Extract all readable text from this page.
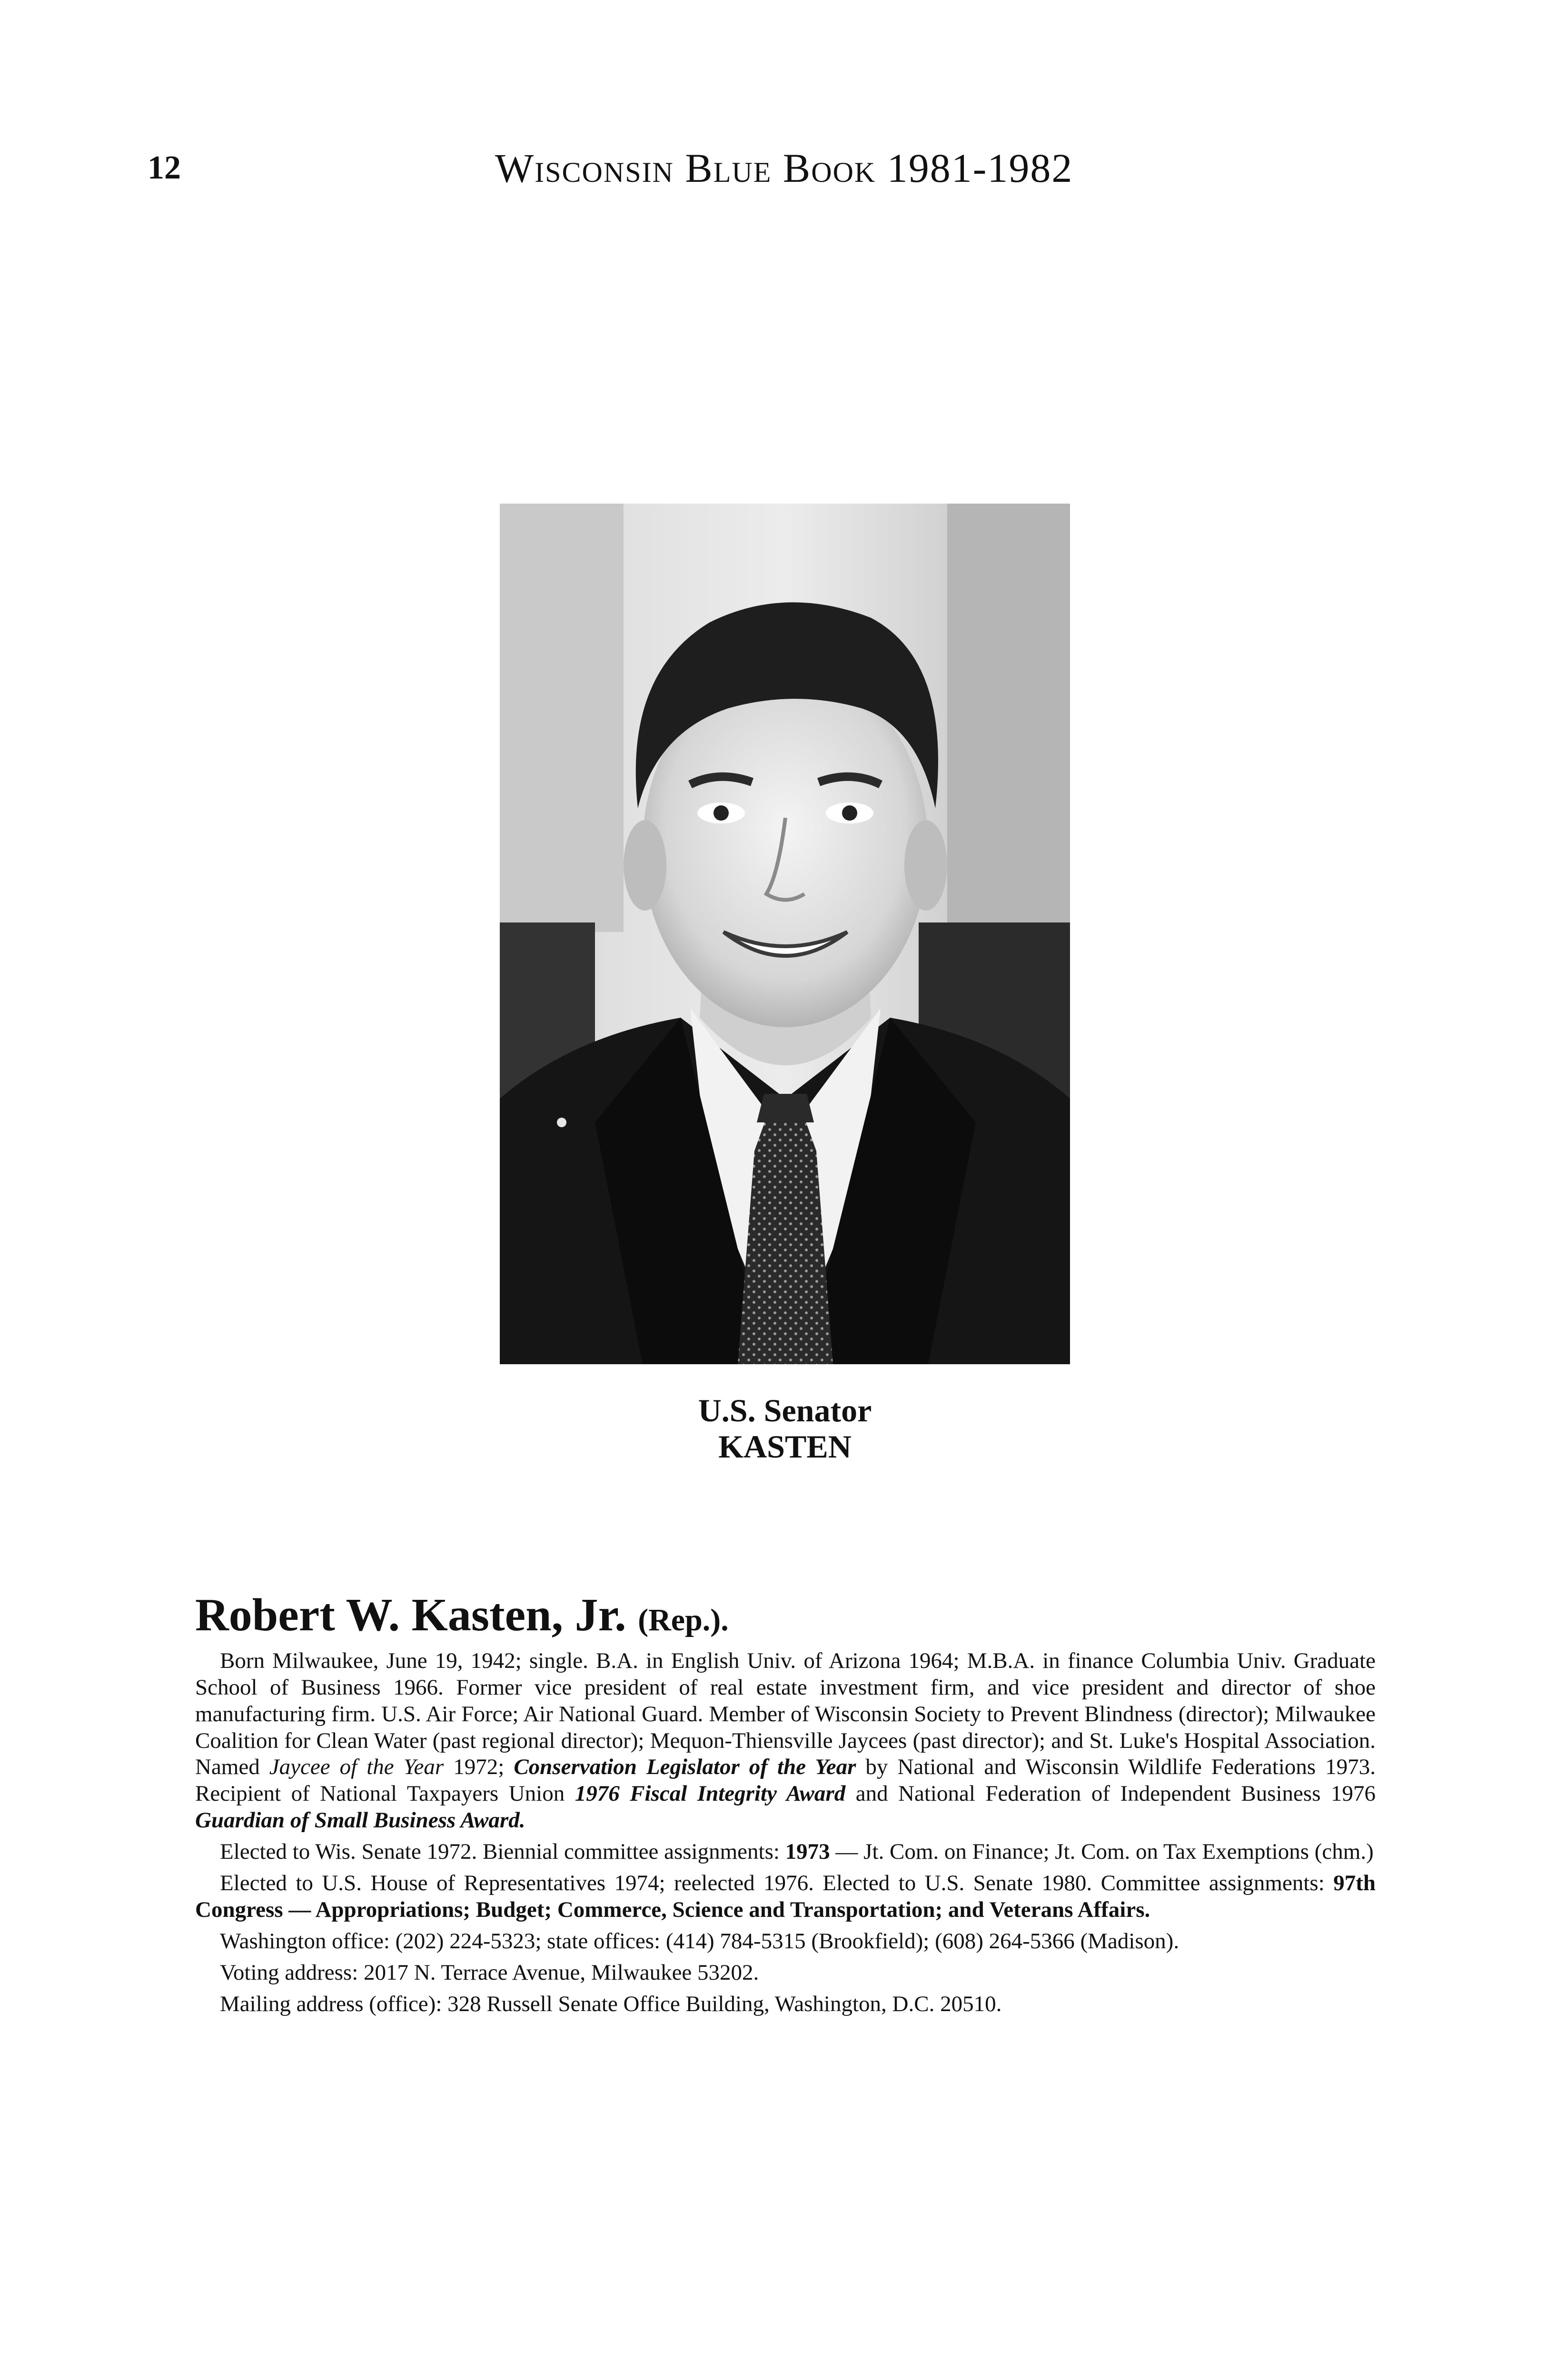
12	Wisconsin Blue Book 1981-1982
U.S. Senator
KASTEN
Robert W. Kasten, Jr. (Rep.).

Born Milwaukee, June 19, 1942; single. B.A. in English Univ. of Arizona 1964; M.B.A. in finance Columbia Univ. Graduate School of Business 1966. Former vice president of real estate investment firm, and vice president and director of shoe manufacturing firm. U.S. Air Force; Air National Guard. Member of Wisconsin Society to Prevent Blindness (director); Milwaukee Coalition for Clean Water (past regional director); Mequon-Thiensville Jaycees (past director); and St. Luke's Hospital Association. Named Jaycee of the Year 1972; Conservation Legislator of the Year by National and Wisconsin Wildlife Federations 1973. Recipient of National Taxpayers Union 1976 Fiscal Integrity Award and National Federation of Independent Business 1976 Guardian of Small Business Award.

Elected to Wis. Senate 1972. Biennial committee assignments: 1973 — Jt. Com. on Finance; Jt. Com. on Tax Exemptions (chm.)

Elected to U.S. House of Representatives 1974; reelected 1976. Elected to U.S. Senate 1980. Committee assignments: 97th Congress — Appropriations; Budget; Commerce, Science and Transportation; and Veterans Affairs.

Washington office: (202) 224-5323; state offices: (414) 784-5315 (Brookfield); (608) 264-5366 (Madison).

Voting address: 2017 N. Terrace Avenue, Milwaukee 53202.

Mailing address (office): 328 Russell Senate Office Building, Washington, D.C. 20510.
